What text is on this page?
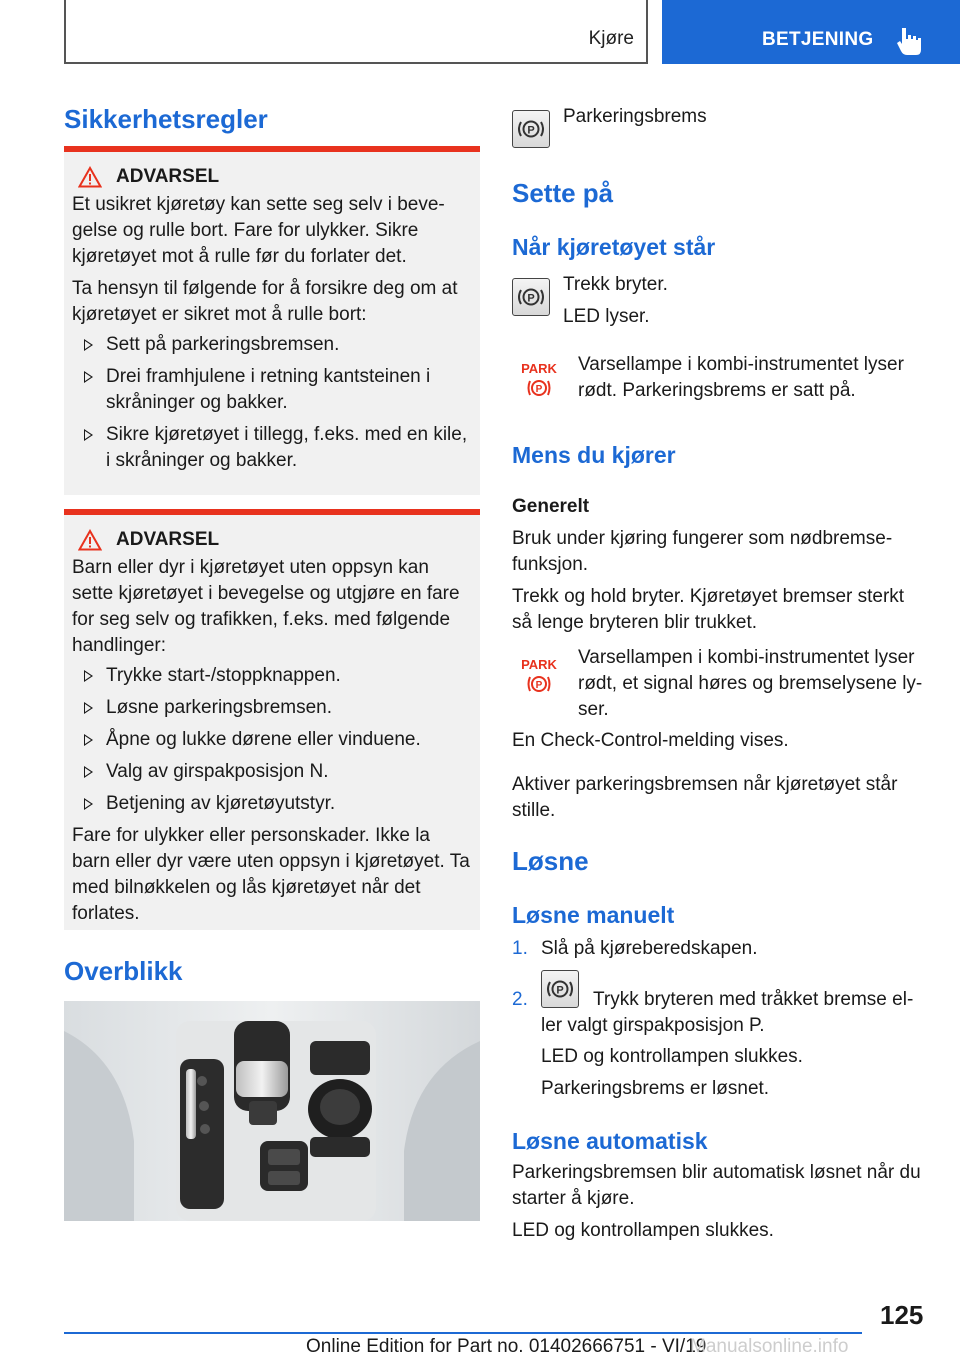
Kjøre	BETJENING
Sikkerhetsregler
ADVARSEL

Et usikret kjøretøy kan sette seg selv i bevegelse og rulle bort. Fare for ulykker. Sikre kjøretøyet mot å rulle før du forlater det.

Ta hensyn til følgende for å forsikre deg om at kjøretøyet er sikret mot å rulle bort:

Sett på parkeringsbremsen.
Drei framhjulene i retning kantsteinen i skråninger og bakker.
Sikre kjøretøyet i tillegg, f.eks. med en kile, i skråninger og bakker.
ADVARSEL

Barn eller dyr i kjøretøyet uten oppsyn kan sette kjøretøyet i bevegelse og utgjøre en fare for seg selv og trafikken, f.eks. med følgende handlinger:

Trykke start-/stoppknappen.
Løsne parkeringsbremsen.
Åpne og lukke dørene eller vinduene.
Valg av girspakposisjon N.
Betjening av kjøretøyutstyr.

Fare for ulykker eller personskader. Ikke la barn eller dyr være uten oppsyn i kjøretøyet. Ta med bilnøkkelen og lås kjøretøyet når det forlates.

Overblikk
P

Parkeringsbrems

Sette på
Når kjøretøyet står
P

Trekk bryter.

LED lyser.

PARK
P

Varsellampe i kombi-instrumentet lyser rødt. Parkeringsbrems er satt på.

Mens du kjører

Generelt

Bruk under kjøring fungerer som nødbremsefunksjon.

Trekk og hold bryter. Kjøretøyet bremser sterkt så lenge bryteren blir trukket.

PARK
P

Varsellampen i kombi-instrumentet lyser rødt, et signal høres og bremselysene lyser.

En Check-Control-melding vises.

Aktiver parkeringsbremsen når kjøretøyet står stille.

Løsne
Løsne manuelt
1. Slå på kjøreberedskapen.

2.	P	Trykk bryteren med tråkket bremse eller valgt girspakposisjon P.

LED og kontrollampen slukkes.

Parkeringsbrems er løsnet.

Løsne automatisk

Parkeringsbremsen blir automatisk løsnet når du starter å kjøre.

LED og kontrollampen slukkes.

125
Online Edition for Part no. 01402666751 - VI/19
Manualsonline.info
